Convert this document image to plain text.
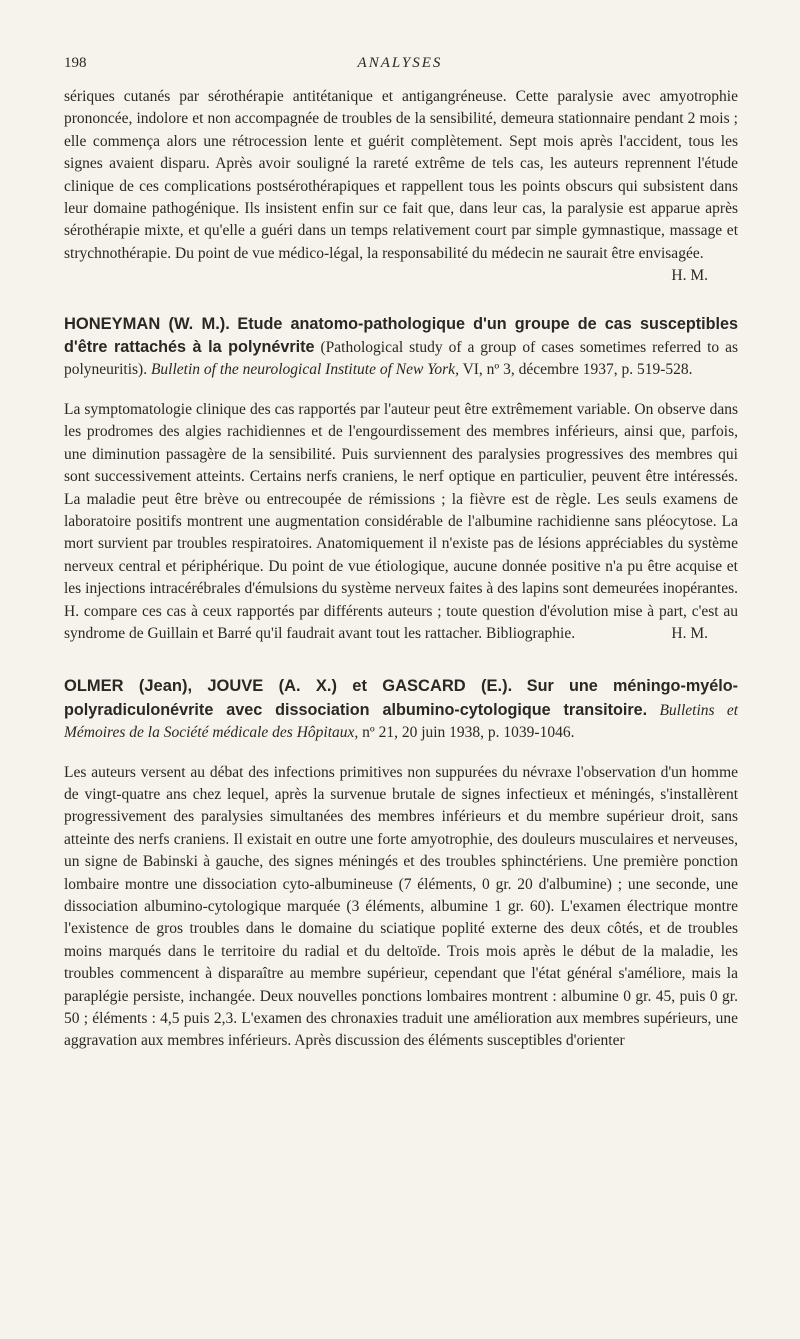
198	ANALYSES

sériques cutanés par sérothérapie antitétanique et antigangréneuse. Cette paralysie avec amyotrophie prononcée, indolore et non accompagnée de troubles de la sensibilité, demeura stationnaire pendant 2 mois ; elle commença alors une rétrocession lente et guérit complètement. Sept mois après l'accident, tous les signes avaient disparu. Après avoir souligné la rareté extrême de tels cas, les auteurs reprennent l'étude clinique de ces complications postsérothérapiques et rappellent tous les points obscurs qui subsistent dans leur domaine pathogénique. Ils insistent enfin sur ce fait que, dans leur cas, la paralysie est apparue après sérothérapie mixte, et qu'elle a guéri dans un temps relativement court par simple gymnastique, massage et strychnothérapie. Du point de vue médico-légal, la responsabilité du médecin ne saurait être envisagée.
H. M.

HONEYMAN (W. M.). Etude anatomo-pathologique d'un groupe de cas susceptibles d'être rattachés à la polynévrite (Pathological study of a group of cases sometimes referred to as polyneuritis). Bulletin of the neurological Institute of New York, VI, nº 3, décembre 1937, p. 519-528.

La symptomatologie clinique des cas rapportés par l'auteur peut être extrêmement variable. On observe dans les prodromes des algies rachidiennes et de l'engourdissement des membres inférieurs, ainsi que, parfois, une diminution passagère de la sensibilité. Puis surviennent des paralysies progressives des membres qui sont successivement atteints. Certains nerfs craniens, le nerf optique en particulier, peuvent être intéressés. La maladie peut être brève ou entrecoupée de rémissions ; la fièvre est de règle. Les seuls examens de laboratoire positifs montrent une augmentation considérable de l'albumine rachidienne sans pléocytose. La mort survient par troubles respiratoires. Anatomiquement il n'existe pas de lésions appréciables du système nerveux central et périphérique. Du point de vue étiologique, aucune donnée positive n'a pu être acquise et les injections intracérébrales d'émulsions du système nerveux faites à des lapins sont demeurées inopérantes. H. compare ces cas à ceux rapportés par différents auteurs ; toute question d'évolution mise à part, c'est au syndrome de Guillain et Barré qu'il faudrait avant tout les rattacher. Bibliographie.	H. M.

OLMER (Jean), JOUVE (A. X.) et GASCARD (E.). Sur une méningo-myélo-polyradiculonévrite avec dissociation albumino-cytologique transitoire. Bulletins et Mémoires de la Société médicale des Hôpitaux, nº 21, 20 juin 1938, p. 1039-1046.

Les auteurs versent au débat des infections primitives non suppurées du névraxe l'observation d'un homme de vingt-quatre ans chez lequel, après la survenue brutale de signes infectieux et méningés, s'installèrent progressivement des paralysies simultanées des membres inférieurs et du membre supérieur droit, sans atteinte des nerfs craniens. Il existait en outre une forte amyotrophie, des douleurs musculaires et nerveuses, un signe de Babinski à gauche, des signes méningés et des troubles sphinctériens. Une première ponction lombaire montre une dissociation cyto-albumineuse (7 éléments, 0 gr. 20 d'albumine) ; une seconde, une dissociation albumino-cytologique marquée (3 éléments, albumine 1 gr. 60). L'examen électrique montre l'existence de gros troubles dans le domaine du sciatique poplité externe des deux côtés, et de troubles moins marqués dans le territoire du radial et du deltoïde. Trois mois après le début de la maladie, les troubles commencent à disparaître au membre supérieur, cependant que l'état général s'améliore, mais la paraplégie persiste, inchangée. Deux nouvelles ponctions lombaires montrent : albumine 0 gr. 45, puis 0 gr. 50 ; éléments : 4,5 puis 2,3. L'examen des chronaxies traduit une amélioration aux membres supérieurs, une aggravation aux membres inférieurs. Après discussion des éléments susceptibles d'orienter
